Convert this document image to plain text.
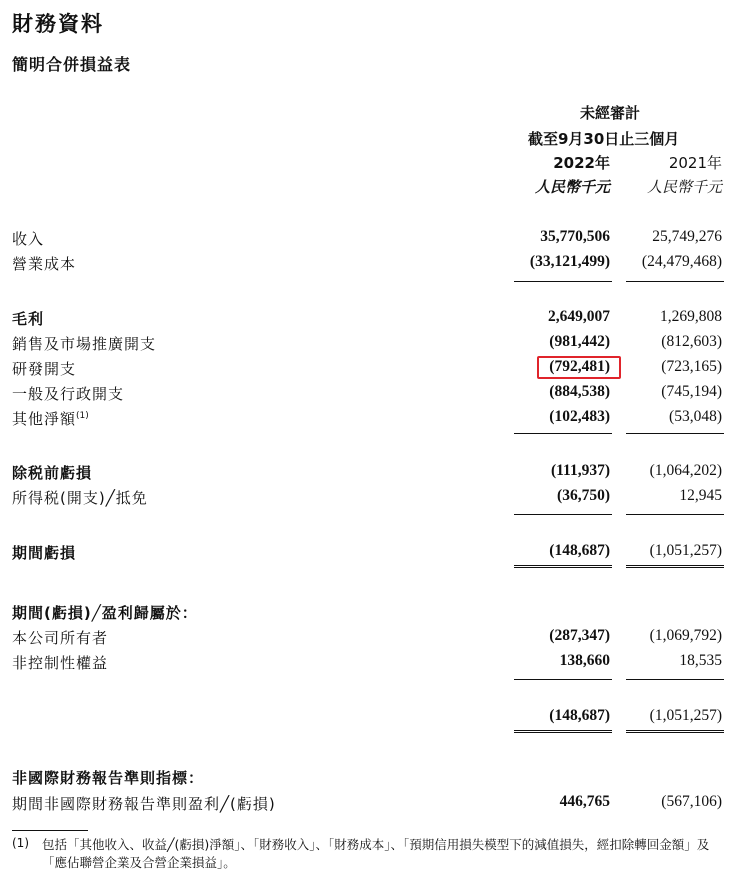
財務資料
簡明合併損益表
未經審計
截至9月30日止三個月
2022年	2021年
人民幣千元	人民幣千元
收入	35,770,506	25,749,276
營業成本	(33,121,499)	(24,479,468)
毛利	2,649,007	1,269,808
銷售及市場推廣開支	(981,442)	(812,603)
研發開支	(792,481)	(723,165)
一般及行政開支	(884,538)	(745,194)
其他淨額$^{(1)}$	(102,483)	(53,048)
除税前虧損	(111,937)	(1,064,202)
所得税(開支)╱抵免	(36,750)	12,945
期間虧損	(148,687)	(1,051,257)
期間(虧損)╱盈利歸屬於：
本公司所有者	(287,347)	(1,069,792)
非控制性權益	138,660	18,535
(148,687)	(1,051,257)
非國際財務報告準則指標：
期間非國際財務報告準則盈利╱(虧損)	446,765	(567,106)
(1) 包括「其他收入、收益╱(虧損)淨額」、「財務收入」、「財務成本」、「預期信用損失模型下的減值損失，經扣除轉回金額」及「應佔聯營企業及合營企業損益」。
